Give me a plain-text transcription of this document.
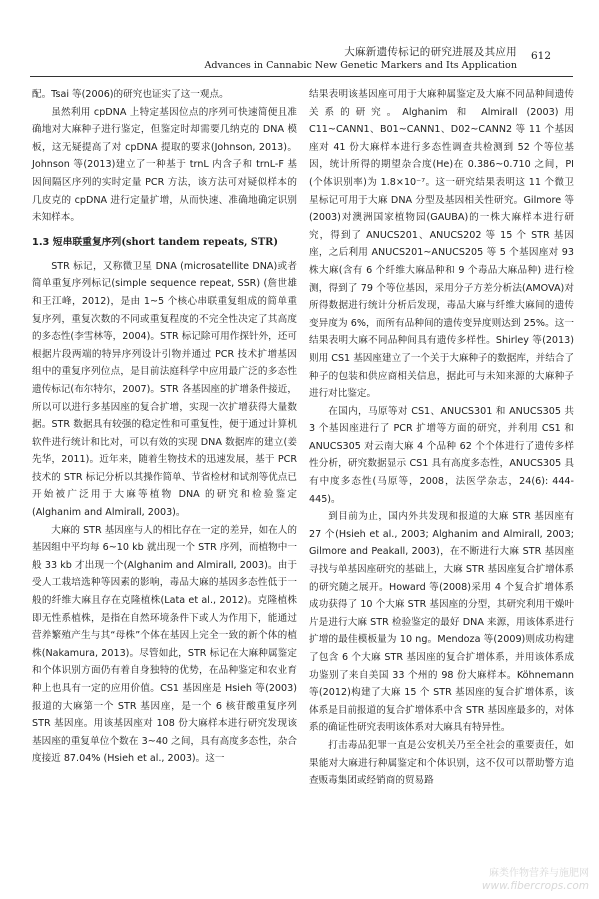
大麻新遗传标记的研究进展及其应用
Advances in Cannabic New Genetic Markers and Its Application
612

配。Tsai 等(2006)的研究也证实了这一观点。

虽然利用 cpDNA 上特定基因位点的序列可快速简便且准确地对大麻种子进行鉴定，但鉴定时却需要几纳克的 DNA 模板，这无疑提高了对 cpDNA 提取的要求(Johnson, 2013)。Johnson 等(2013)建立了一种基于 trnL 内含子和 trnL-F 基因间隔区序列的实时定量 PCR 方法，该方法可对疑似样本的几皮克的 cpDNA 进行定量扩增，从而快速、准确地确定识别未知样本。

1.3 短串联重复序列(short tandem repeats, STR)

STR 标记，又称微卫星 DNA (microsatellite DNA)或者简单重复序列标记(simple sequence repeat, SSR) (詹世雄和王江峰，2012)，是由 1~5 个核心串联重复组成的简单重复序列，重复次数的不同或重复程度的不完全性决定了其高度的多态性(李雪林等，2004)。STR 标记除可用作探针外，还可根据片段两端的特异序列设计引物并通过 PCR 技术扩增基因组中的重复序列位点，是目前法庭科学中应用最广泛的多态性遗传标记(布尔特尔，2007)。STR 各基因座的扩增条件接近，所以可以进行多基因座的复合扩增，实现一次扩增获得大量数据。STR 数据具有较强的稳定性和可重复性，便于通过计算机软件进行统计和比对，可以有效的实现 DNA 数据库的建立(姜先华，2011)。近年来，随着生物技术的迅速发展，基于 PCR 技术的 STR 标记分析以其操作简单、节省检材和试剂等优点已开始被广泛用于大麻等植物 DNA 的研究和检验鉴定(Alghanim and Almirall, 2003)。

大麻的 STR 基因座与人的相比存在一定的差异，如在人的基因组中平均每 6~10 kb 就出现一个 STR 序列，而植物中一般 33 kb 才出现一个(Alghanim and Almirall, 2003)。由于受人工栽培选种等因素的影响，毒品大麻的基因多态性低于一般的纤维大麻且存在克隆植株(Lata et al., 2012)。克隆植株即无性系植株，是指在自然环境条件下或人为作用下，能通过营养繁殖产生与其“母株”个体在基因上完全一致的新个体的植株(Nakamura, 2013)。尽管如此，STR 标记在大麻种属鉴定和个体识别方面仍有着自身独特的优势，在品种鉴定和农业育种上也具有一定的应用价值。CS1 基因座是 Hsieh 等(2003)报道的大麻第一个 STR 基因座，是一个 6 核苷酸重复序列 STR 基因座。用该基因座对 108 份大麻样本进行研究发现该基因座的重复单位个数在 3~40 之间，具有高度多态性，杂合度接近 87.04% (Hsieh et al., 2003)。这一

结果表明该基因座可用于大麻种属鉴定及大麻不同品种间遗传关系的研究。Alghanim 和 Almirall (2003)用 C11~CANN1、B01~CANN1、D02~CANN2 等 11 个基因座对 41 份大麻样本进行多态性调查共检测到 52 个等位基因，统计所得的期望杂合度(He)在 0.386~0.710 之间，PI (个体识别率)为 1.8×10⁻⁷。这一研究结果表明这 11 个微卫星标记可用于大麻 DNA 分型及基因相关性研究。Gilmore 等(2003)对澳洲国家植物园(GAUBA)的一株大麻样本进行研究，得到了 ANUCS201、ANUCS202 等 15 个 STR 基因座，之后利用 ANUCS201~ANUCS205 等 5 个基因座对 93 株大麻(含有 6 个纤维大麻品种和 9 个毒品大麻品种) 进行检测，得到了 79 个等位基因，采用分子方差分析法(AMOVA)对所得数据进行统计分析后发现，毒品大麻与纤维大麻间的遗传变异度为 6%，而所有品种间的遗传变异度则达到 25%。这一结果表明大麻不同品种间具有遗传多样性。Shirley 等(2013)则用 CS1 基因座建立了一个关于大麻种子的数据库，并结合了种子的包装和供应商相关信息，据此可与未知来源的大麻种子进行对比鉴定。

在国内，马原等对 CS1、ANUCS301 和 ANUCS305 共 3 个基因座进行了 PCR 扩增等方面的研究，并利用 CS1 和 ANUCS305 对云南大麻 4 个品种 62 个个体进行了遗传多样性分析，研究数据显示 CS1 具有高度多态性，ANUCS305 具有中度多态性(马原等，2008，法医学杂志，24(6): 444-445)。

到目前为止，国内外共发现和报道的大麻 STR 基因座有 27 个(Hsieh et al., 2003; Alghanim and Almirall, 2003; Gilmore and Peakall, 2003)，在不断进行大麻 STR 基因座寻找与单基因座研究的基础上，大麻 STR 基因座复合扩增体系的研究随之展开。Howard 等(2008)采用 4 个复合扩增体系成功获得了 10 个大麻 STR 基因座的分型，其研究利用干燥叶片是进行大麻 STR 检验鉴定的最好 DNA 来源，用该体系进行扩增的最佳模板量为 10 ng。Mendoza 等(2009)则成功构建了包含 6 个大麻 STR 基因座的复合扩增体系，并用该体系成功鉴别了来自美国 33 个州的 98 份大麻样本。Köhnemann 等(2012)构建了大麻 15 个 STR 基因座的复合扩增体系，该体系是目前报道的复合扩增体系中含 STR 基因座最多的，对体系的确证性研究表明该体系对大麻具有特异性。

打击毒品犯罪一直是公安机关乃至全社会的重要责任，如果能对大麻进行种属鉴定和个体识别，这不仅可以帮助警方追查贩毒集团或经销商的贸易路

麻类作物营养与施肥网
www.fibercrops.com
